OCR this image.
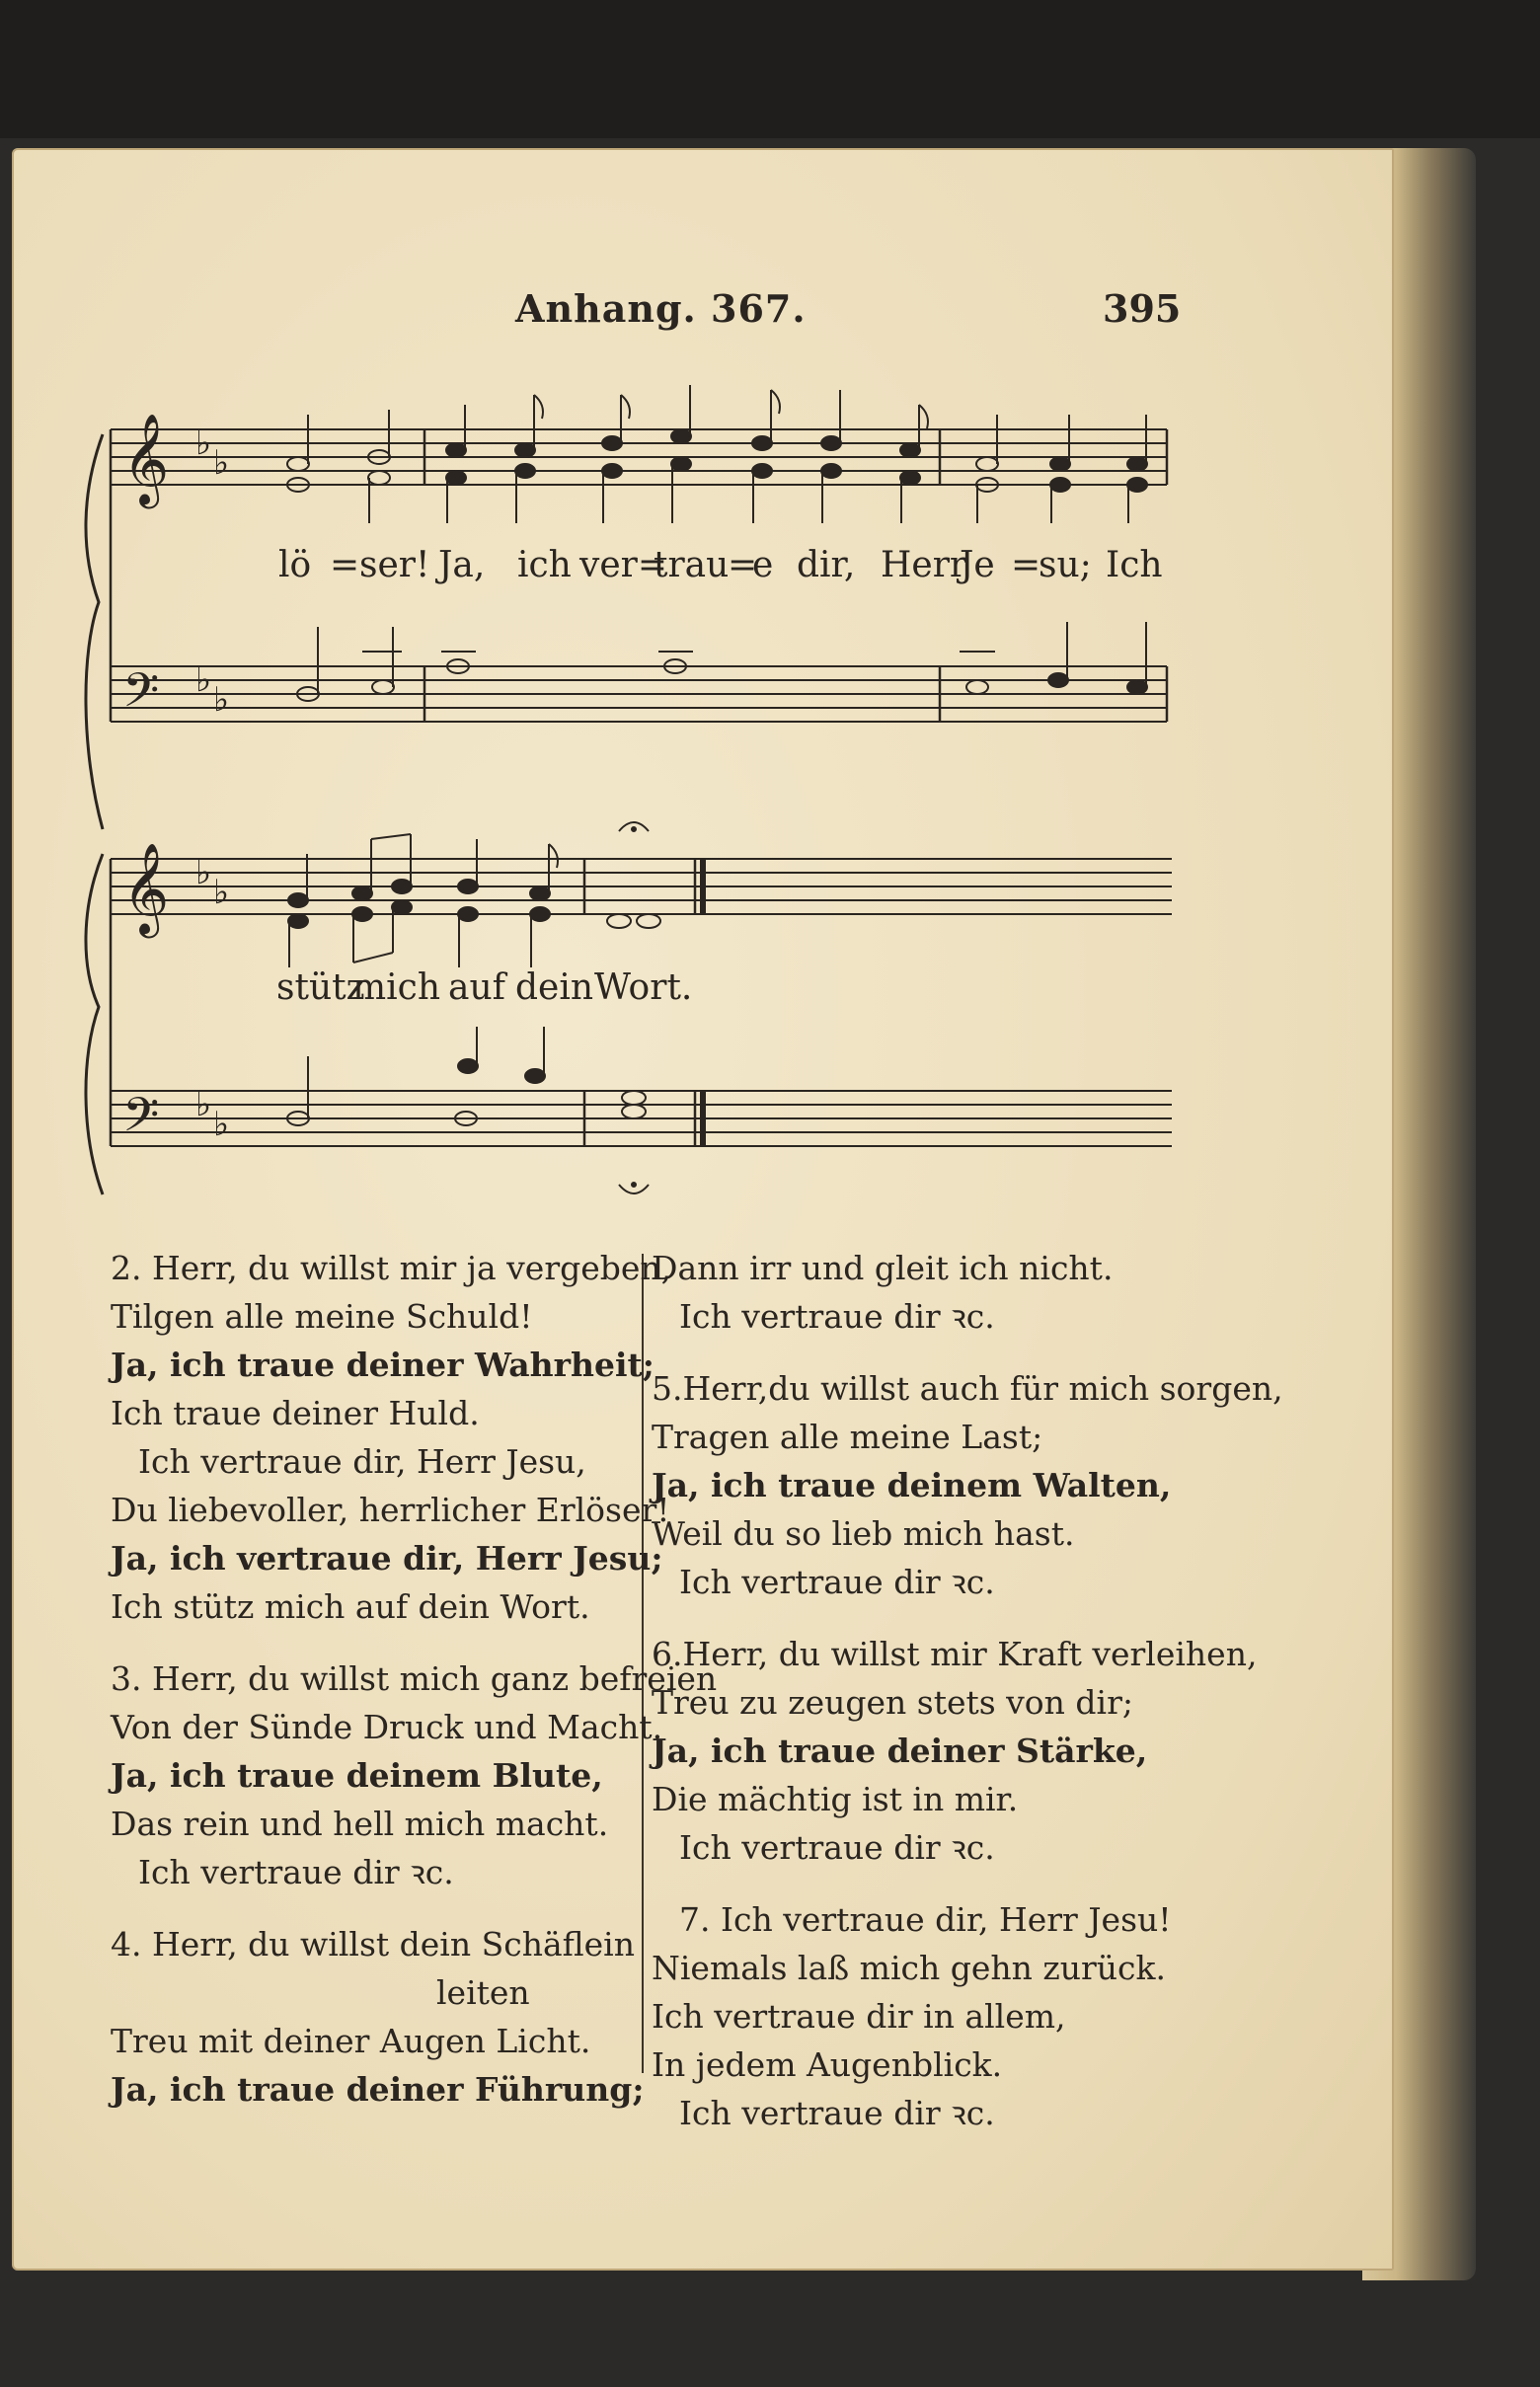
Anhang. 367.	395
𝄞
𝄢
♭ ♭
♭ ♭
lö = ser! Ja, ich ver=
trau
=
e dir, Herr
Je =
su; Ich
𝄞
𝄢
♭ ♭
♭ ♭
stütz
mich auf dein Wort.
2. Herr, du willst mir ja vergeben,
Tilgen alle meine Schuld!
Ja, ich traue deiner Wahrheit;
Ich traue deiner Huld.
Ich vertraue dir, Herr Jesu,
Du liebevoller, herrlicher Erlöser!
Ja, ich vertraue dir, Herr Jesu;
Ich stütz mich auf dein Wort.
3. Herr, du willst mich ganz befreien
Von der Sünde Druck und Macht.
Ja, ich traue deinem Blute,
Das rein und hell mich macht.
Ich vertraue dir ꝛc.
4. Herr, du willst dein Schäflein
leiten
Treu mit deiner Augen Licht.
Ja, ich traue deiner Führung;
Dann irr und gleit ich nicht.
Ich vertraue dir ꝛc.
5.Herr,du willst auch für mich sorgen,
Tragen alle meine Last;
Ja, ich traue deinem Walten,
Weil du so lieb mich hast.
Ich vertraue dir ꝛc.
6.Herr, du willst mir Kraft verleihen,
Treu zu zeugen stets von dir;
Ja, ich traue deiner Stärke,
Die mächtig ist in mir.
Ich vertraue dir ꝛc.
7. Ich vertraue dir, Herr Jesu!
Niemals laß mich gehn zurück.
Ich vertraue dir in allem,
In jedem Augenblick.
Ich vertraue dir ꝛc.
